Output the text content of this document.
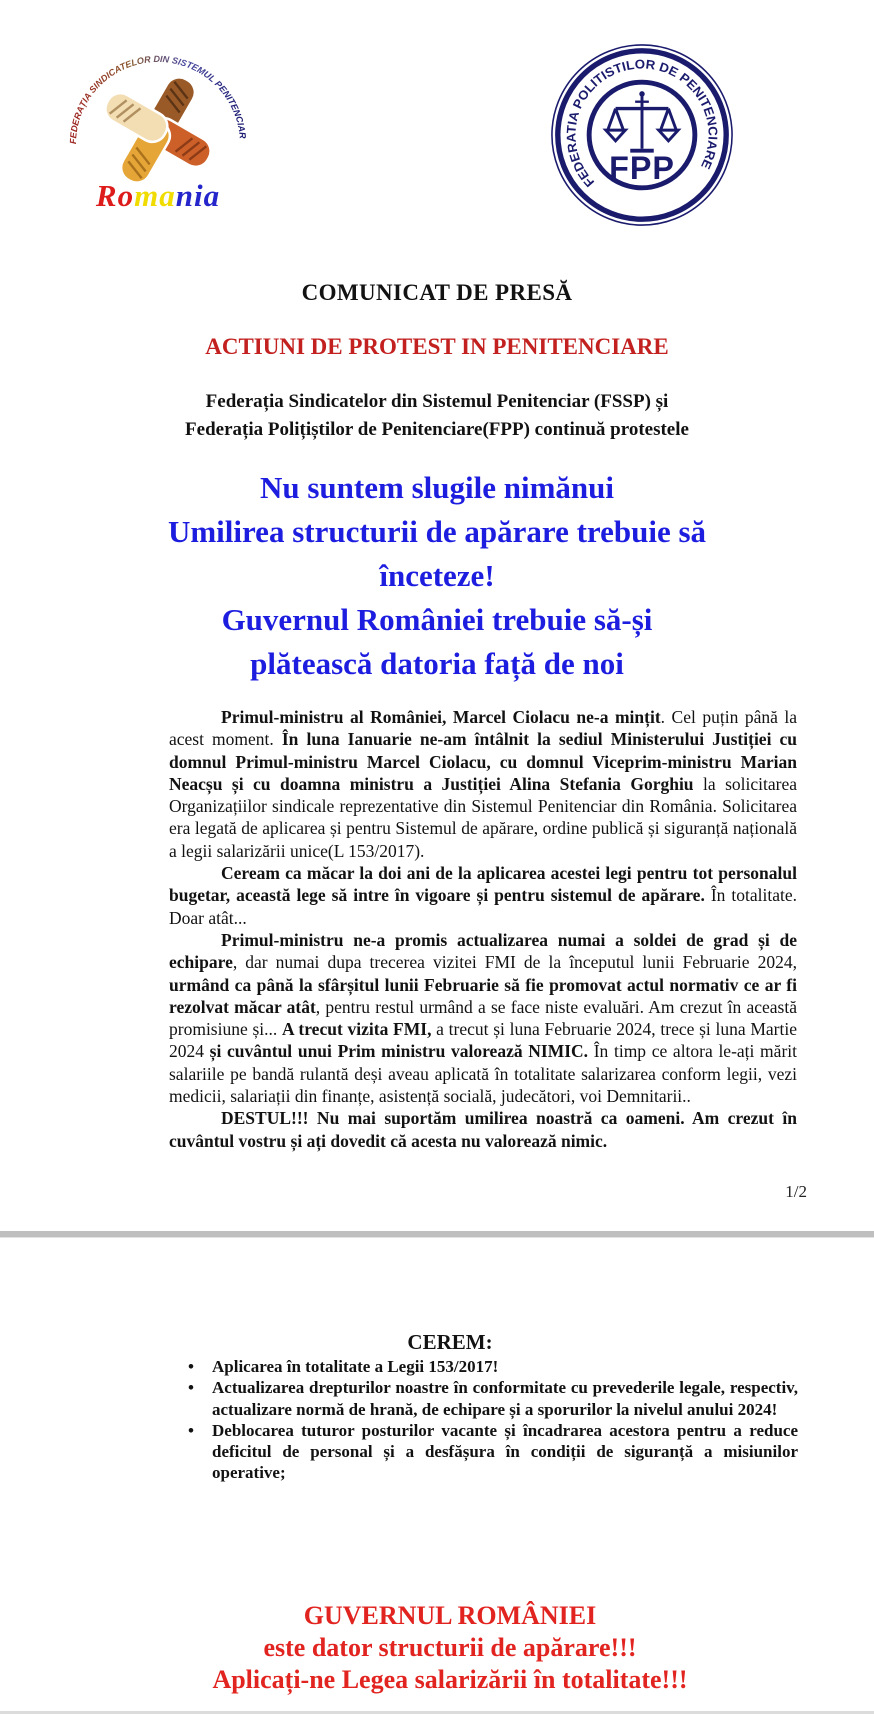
FEDERAȚIA SINDICATELOR DIN SISTEMUL PENITENCIAR
Romania	FEDERATIA POLITISTILOR DE PENITENCIARE
FPP
COMUNICAT DE PRESĂ
ACTIUNI DE PROTEST IN PENITENCIARE
Federația Sindicatelor din Sistemul Penitenciar (FSSP) și
Federația Polițiștilor de Penitenciare(FPP) continuă protestele
Nu suntem slugile nimănui
Umilirea structurii de apărare trebuie să
înceteze!
Guvernul României trebuie să-și
plătească datoria față de noi

Primul-ministru al României, Marcel Ciolacu ne-a mințit. Cel puțin până la acest moment. În luna Ianuarie ne-am întâlnit la sediul Ministerului Justiției cu domnul Primul-ministru Marcel Ciolacu, cu domnul Viceprim-ministru Marian Neacșu și cu doamna ministru a Justiției Alina Stefania Gorghiu la solicitarea Organizațiilor sindicale reprezentative din Sistemul Penitenciar din România. Solicitarea era legată de aplicarea și pentru Sistemul de apărare, ordine publică și siguranță națională a legii salarizării unice(L 153/2017).

Ceream ca măcar la doi ani de la aplicarea acestei legi pentru tot personalul bugetar, această lege să intre în vigoare și pentru sistemul de apărare. În totalitate. Doar atât...

Primul-ministru ne-a promis actualizarea numai a soldei de grad și de echipare, dar numai dupa trecerea vizitei FMI de la începutul lunii Februarie 2024, urmând ca până la sfârșitul lunii Februarie să fie promovat actul normativ ce ar fi rezolvat măcar atât, pentru restul urmând a se face niste evaluări. Am crezut în această promisiune și... A trecut vizita FMI, a trecut și luna Februarie 2024, trece și luna Martie 2024 și cuvântul unui Prim ministru valorează NIMIC. În timp ce altora le-ați mărit salariile pe bandă rulantă deși aveau aplicată în totalitate salarizarea conform legii, vezi medicii, salariații din finanțe, asistență socială, judecători, voi Demnitarii..

DESTUL!!! Nu mai suportăm umilirea noastră ca oameni. Am crezut în cuvântul vostru și ați dovedit că acesta nu valorează nimic.

1/2
CEREM:
• Aplicarea în totalitate a Legii 153/2017!
• Actualizarea drepturilor noastre în conformitate cu prevederile legale, respectiv, actualizare normă de hrană, de echipare și a sporurilor la nivelul anului 2024!
• Deblocarea tuturor posturilor vacante și încadrarea acestora pentru a reduce deficitul de personal și a desfășura în condiții de siguranță a misiunilor operative;
GUVERNUL ROMÂNIEI
este dator structurii de apărare!!!
Aplicați-ne Legea salarizării în totalitate!!!
